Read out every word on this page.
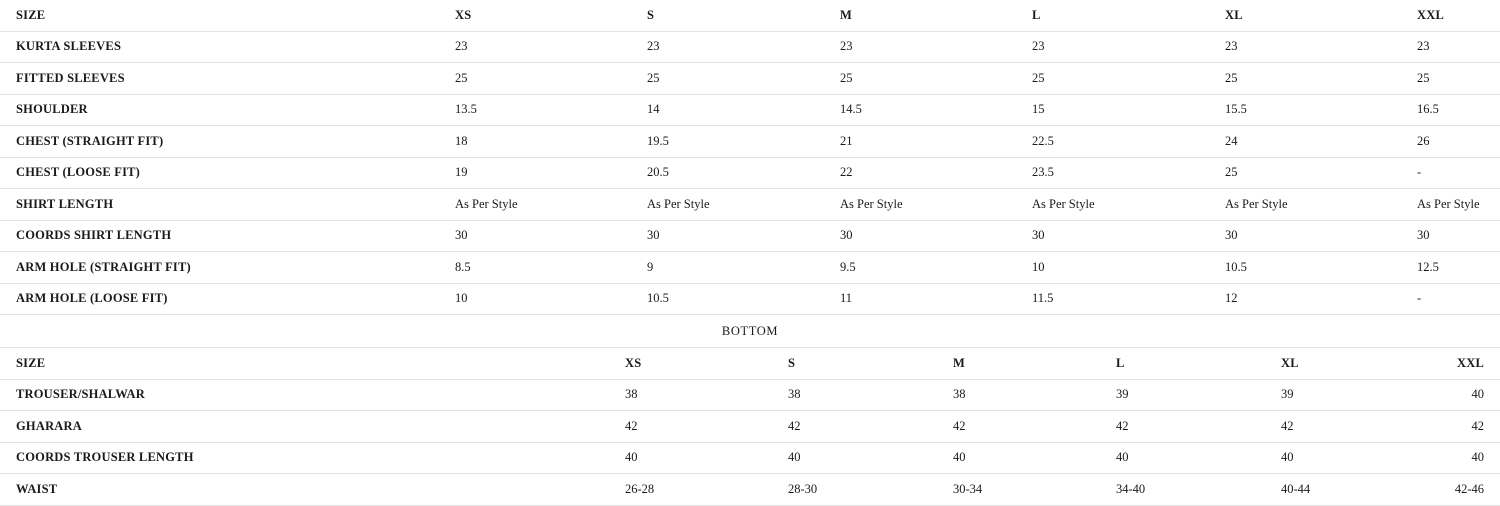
SIZE	XS	S	M	L	XL	XXL
KURTA SLEEVES	23	23	23	23	23	23
FITTED SLEEVES	25	25	25	25	25	25
SHOULDER	13.5	14	14.5	15	15.5	16.5
CHEST (STRAIGHT FIT)	18	19.5	21	22.5	24	26
CHEST (LOOSE FIT)	19	20.5	22	23.5	25	-
SHIRT LENGTH	As Per Style	As Per Style	As Per Style	As Per Style	As Per Style	As Per Style
COORDS SHIRT LENGTH	30	30	30	30	30	30
ARM HOLE (STRAIGHT FIT)	8.5	9	9.5	10	10.5	12.5
ARM HOLE (LOOSE FIT)	10	10.5	11	11.5	12	-
BOTTOM
SIZE	XS	S	M	L	XL	XXL
TROUSER/SHALWAR	38	38	38	39	39	40
GHARARA	42	42	42	42	42	42
COORDS TROUSER LENGTH	40	40	40	40	40	40
WAIST	26-28	28-30	30-34	34-40	40-44	42-46
